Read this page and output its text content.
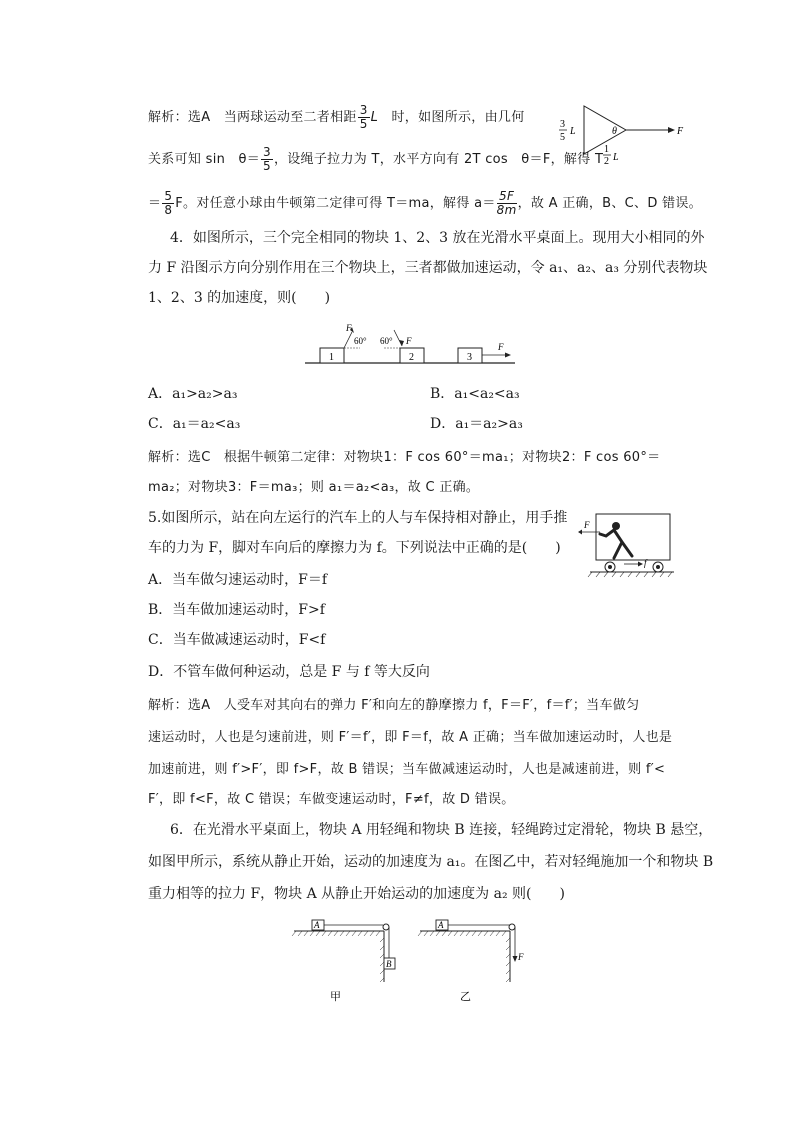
解析：选A　当两球运动至二者相距 $\frac{3}{5}$ L　 时，如图所示，由几何
关系可知 sin　$\theta= \frac{3}{5}$ ，设绳子拉力为 T，水平方向有 2T cos　θ＝F，解得 T
＝ $\frac{5}{8}$ F。对任意小球由牛顿第二定律可得 T＝ma，解得 $a= \frac{5F}{8m}$ ，故 A 正确，B、C、D 错误。
3
5
L	θ	F
1
2 L
4．如图所示，三个完全相同的物块 1、2、3 放在光滑水平桌面上。现用大小相同的外
力 F 沿图示方向分别作用在三个物块上，三者都做加速运动，令 a₁、a₂、a₃ 分别代表物块
1、2、3 的加速度，则(　　)
1	2	3
F
60° 60° F
F
A．a₁>a₂>a₃	B．a₁<a₂<a₃
C．a₁＝a₂<a₃	D．a₁＝a₂>a₃
解析：选C　根据牛顿第二定律：对物块1：F cos 60°＝ma₁；对物块2：F cos 60°＝
ma₂；对物块3：F＝ma₃；则 a₁＝a₂<a₃，故 C 正确。
5.如图所示，站在向左运行的汽车上的人与车保持相对静止，用手推
车的力为 F，脚对车向后的摩擦力为 f。下列说法中正确的是(　　)
F
f
A．当车做匀速运动时，F＝f
B．当车做加速运动时，F>f
C．当车做减速运动时，F<f
D．不管车做何种运动，总是 F 与 f 等大反向
解析：选A　人受车对其向右的弹力 F′和向左的静摩擦力 f，F＝F′，f＝f′；当车做匀
速运动时，人也是匀速前进，则 F′＝f′，即 F＝f，故 A 正确；当车做加速运动时，人也是
加速前进，则 f′>F′，即 f>F，故 B 错误；当车做减速运动时，人也是减速前进，则 f′<
F′，即 f<F，故 C 错误；车做变速运动时，F≠f，故 D 错误。
6．在光滑水平桌面上，物块 A 用轻绳和物块 B 连接，轻绳跨过定滑轮，物块 B 悬空，
如图甲所示，系统从静止开始，运动的加速度为 a₁。在图乙中，若对轻绳施加一个和物块 B
重力相等的拉力 F，物块 A 从静止开始运动的加速度为 a₂ 则(　　)
A
B
甲
A
F
乙
